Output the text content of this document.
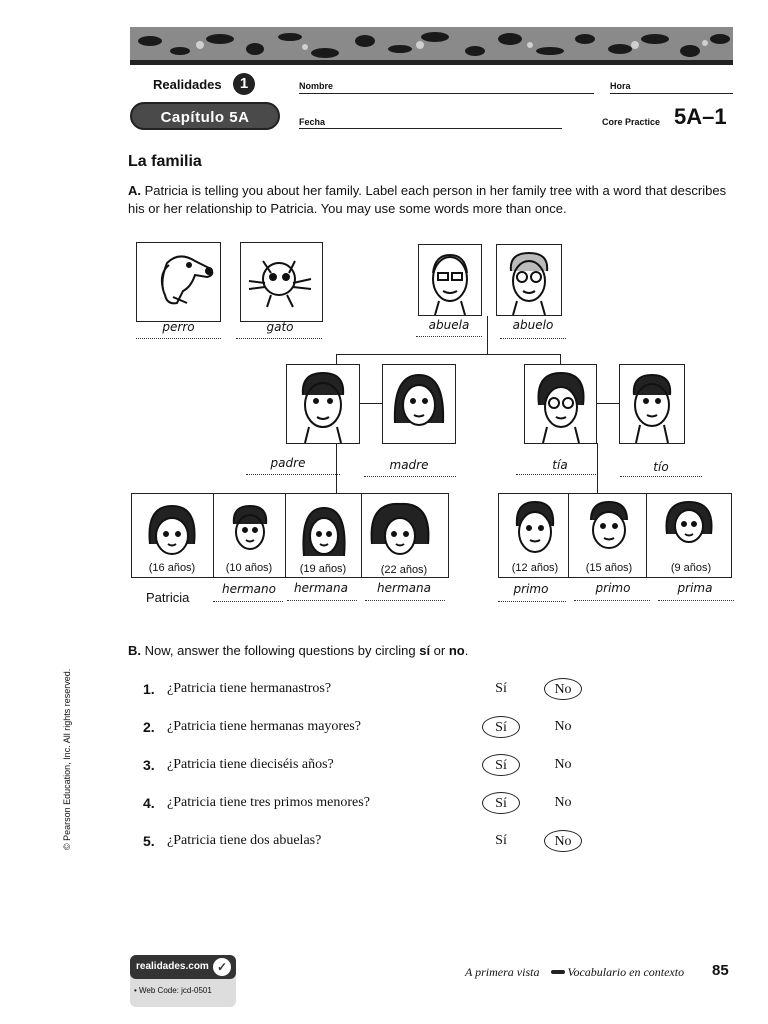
Realidades	1
Capítulo 5A
Nombre	Hora
Fecha	Core Practice 5A–1
La familia
A. Patricia is telling you about her family. Label each person in her family tree with a word that describes his or her relationship to Patricia. You may use some words more than once.
perro	gato	abuela	abuelo
padre	madre	tía	tío
(16 años)	(10 años)	(19 años)	(22 años)
Patricia
hermano	hermana	hermana
(12 años)	(15 años)	(9 años)
primo	primo	prima
B. Now, answer the following questions by circling sí or no.
1. ¿Patricia tiene hermanastros?	Sí	No
2. ¿Patricia tiene hermanas mayores?	Sí	No
3. ¿Patricia tiene dieciséis años?	Sí	No
4. ¿Patricia tiene tres primos menores?	Sí	No
5. ¿Patricia tiene dos abuelas?	Sí	No
© Pearson Education, Inc. All rights reserved.
realidades.com ✓
• Web Code: jcd-0501
A primera vista Vocabulario en contexto 85
